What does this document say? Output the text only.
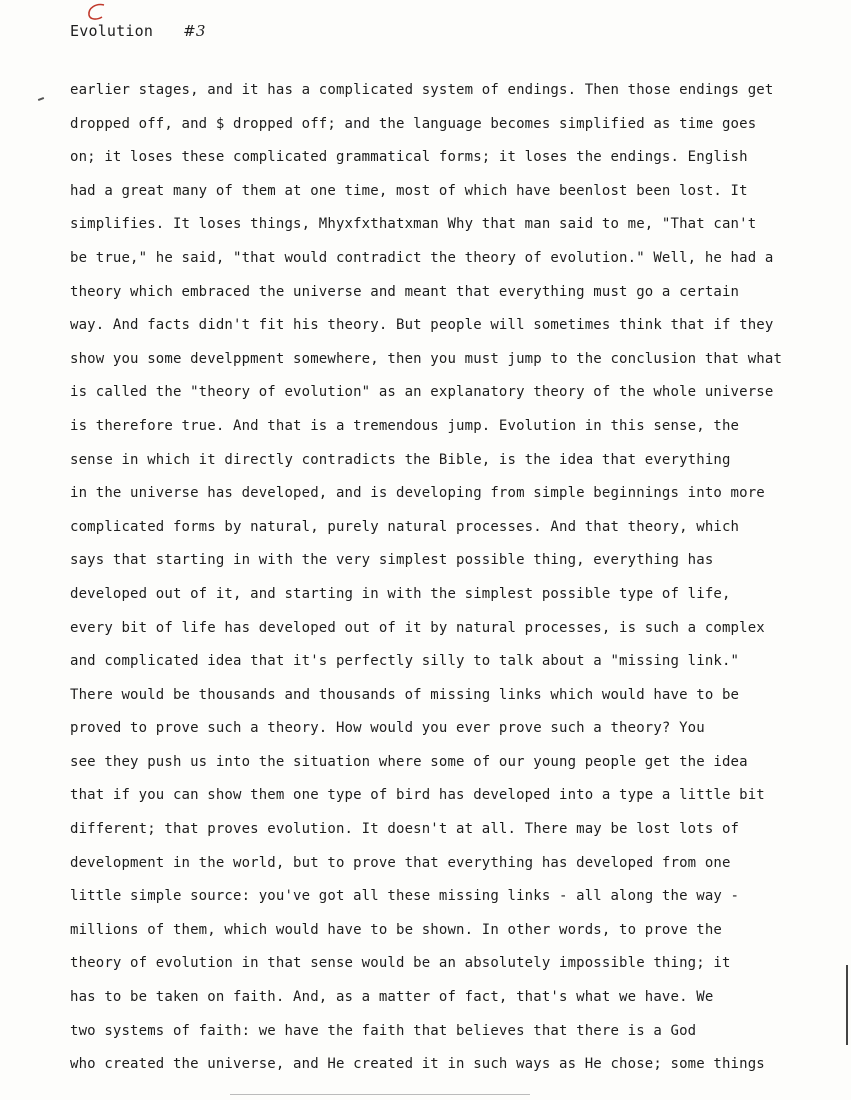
Evolution #3
earlier stages, and it has a complicated system of endings. Then those endings get
dropped off, and $ dropped off; and the language becomes simplified as time goes
on; it loses these complicated grammatical forms; it loses the endings. English
had a great many of them at one time, most of which have beenlost been lost. It
simplifies. It loses things, Mhyxfxthatxman Why that man said to me, "That can't
be true," he said, "that would contradict the theory of evolution." Well, he had a
theory which embraced the universe and meant that everything must go a certain
way. And facts didn't fit his theory. But people will sometimes think that if they
show you some develppment somewhere, then you must jump to the conclusion that what
is called the "theory of evolution" as an explanatory theory of the whole universe
is therefore true. And that is a tremendous jump. Evolution in this sense, the
sense in which it directly contradicts the Bible, is the idea that everything
in the universe has developed, and is developing from simple beginnings into more
complicated forms by natural, purely natural processes. And that theory, which
says that starting in with the very simplest possible thing, everything has
developed out of it, and starting in with the simplest possible type of life,
every bit of life has developed out of it by natural processes, is such a complex
and complicated idea that it's perfectly silly to talk about a "missing link."
There would be thousands and thousands of missing links which would have to be
proved to prove such a theory. How would you ever prove such a theory? You
see they push us into the situation where some of our young people get the idea
that if you can show them one type of bird has developed into a type a little bit
different; that proves evolution. It doesn't at all. There may be lost lots of
development in the world, but to prove that everything has developed from one
little simple source: you've got all these missing links - all along the way -
millions of them, which would have to be shown. In other words, to prove the
theory of evolution in that sense would be an absolutely impossible thing; it
has to be taken on faith. And, as a matter of fact, that's what we have. We
two systems of faith: we have the faith that believes that there is a God
who created the universe, and He created it in such ways as He chose; some things
